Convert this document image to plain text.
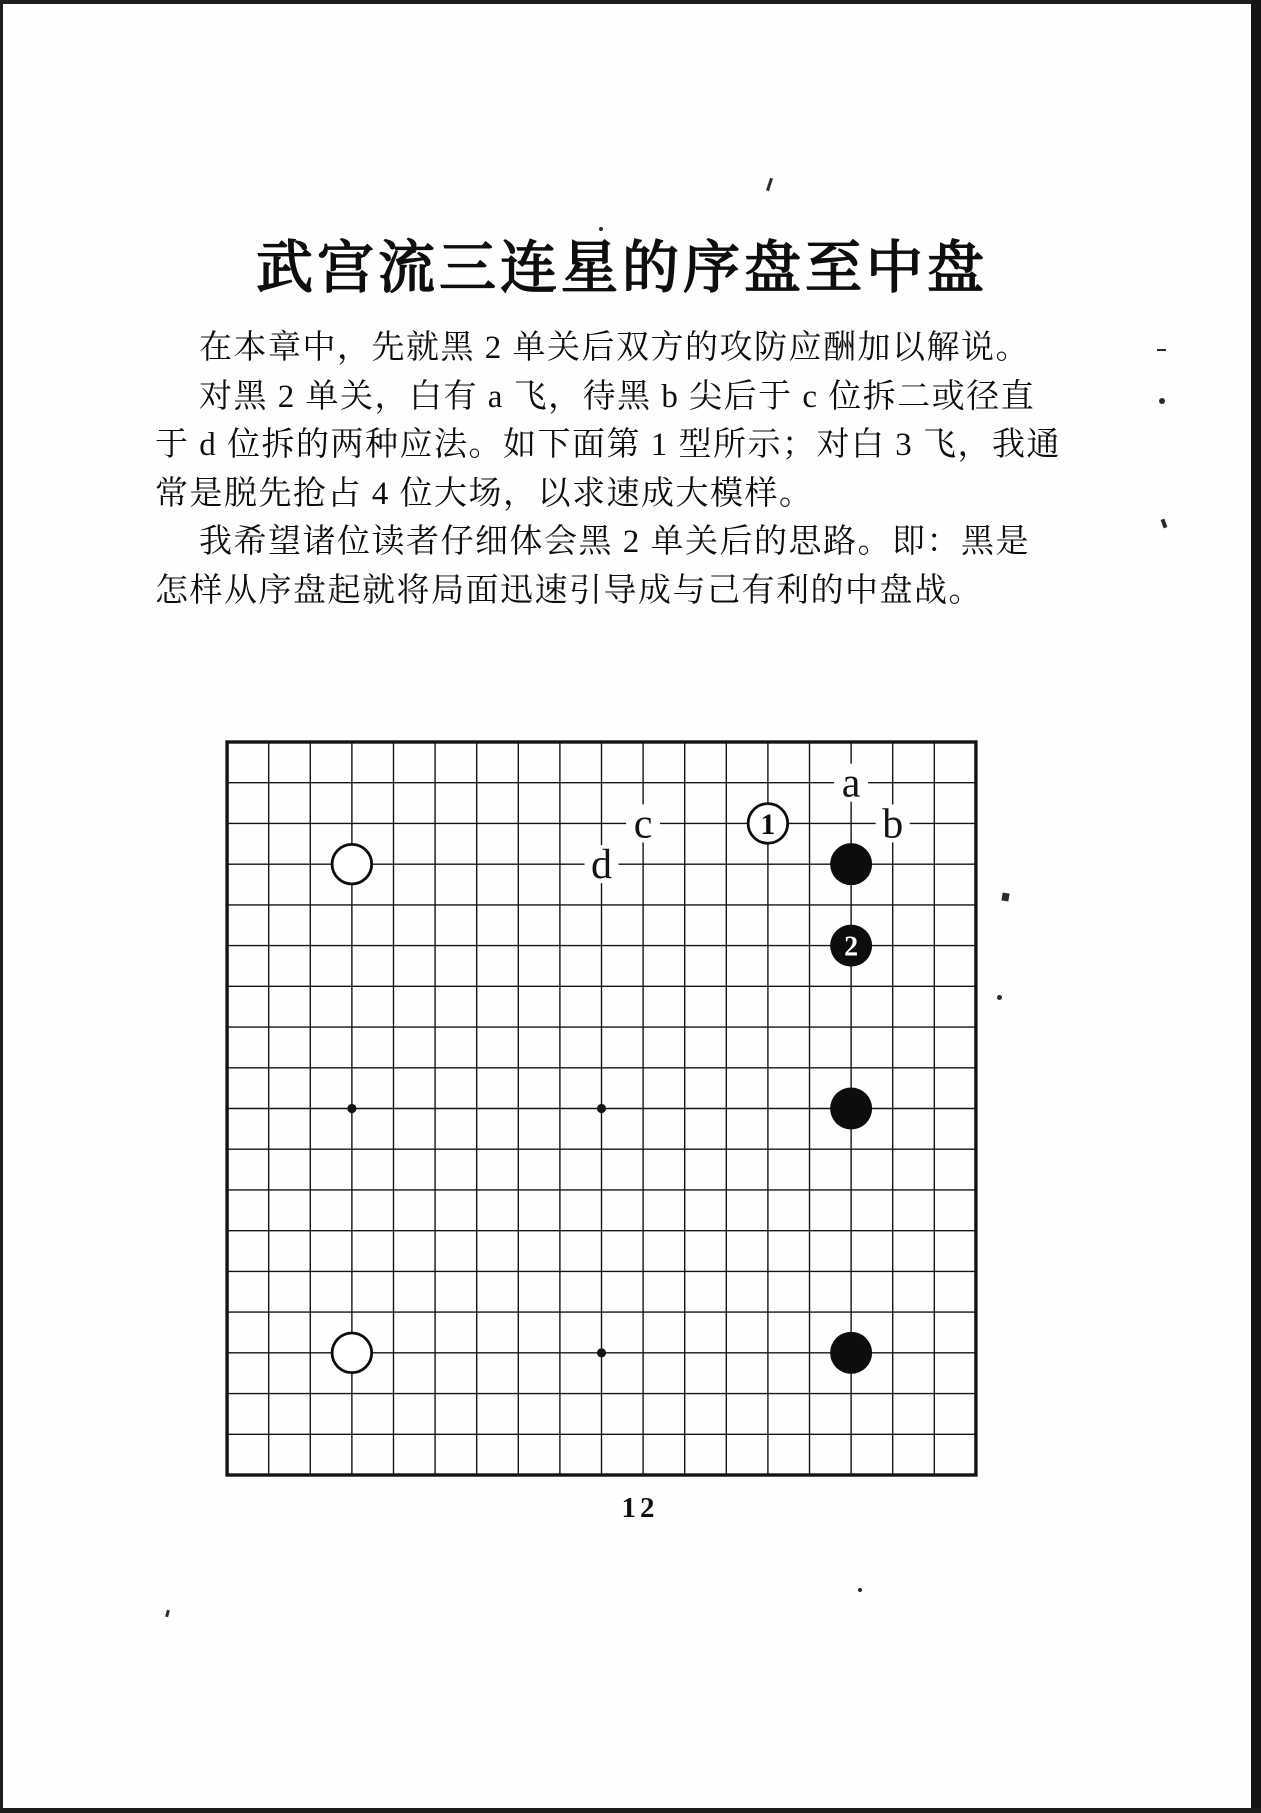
武宫流三连星的序盘至中盘
在本章中，先就黑 2 单关后双方的攻防应酬加以解说。
对黑 2 单关，白有 a 飞，待黑 b 尖后于 c 位拆二或径直
于 d 位拆的两种应法。如下面第 1 型所示；对白 3 飞，我通
常是脱先抢占 4 位大场，以求速成大模样。
我希望诸位读者仔细体会黑 2 单关后的思路。即：黑是
怎样从序盘起就将局面迅速引导成与己有利的中盘战。
a
b
c
d
1
2
12
